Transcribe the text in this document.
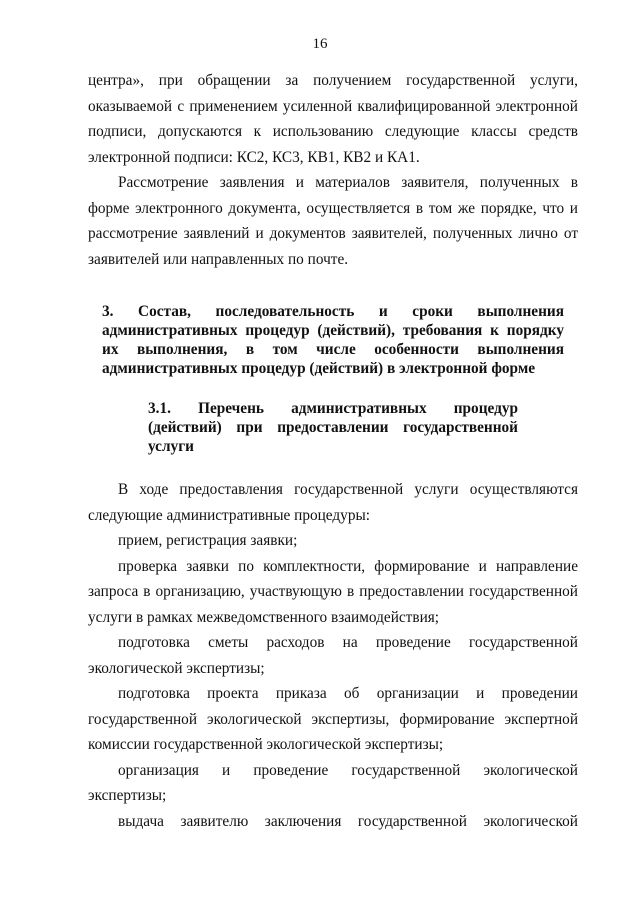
16

центра», при обращении за получением государственной услуги, оказываемой с применением усиленной квалифицированной электронной подписи, допускаются к использованию следующие классы средств электронной подписи: КС2, КС3, КВ1, КВ2 и КА1.

Рассмотрение заявления и материалов заявителя, полученных в форме электронного документа, осуществляется в том же порядке, что и рассмотрение заявлений и документов заявителей, полученных лично от заявителей или направленных по почте.

3. Состав, последовательность и сроки выполнения административных процедур (действий), требования к порядку их выполнения, в том числе особенности выполнения административных процедур (действий) в электронной форме

3.1. Перечень административных процедур (действий) при предоставлении государственной услуги

В ходе предоставления государственной услуги осуществляются следующие административные процедуры:

прием, регистрация заявки;

проверка заявки по комплектности, формирование и направление запроса в организацию, участвующую в предоставлении государственной услуги в рамках межведомственного взаимодействия;

подготовка сметы расходов на проведение государственной экологической экспертизы;

подготовка проекта приказа об организации и проведении государственной экологической экспертизы, формирование экспертной комиссии государственной экологической экспертизы;

организация и проведение государственной экологической экспертизы;

выдача заявителю заключения государственной экологической
